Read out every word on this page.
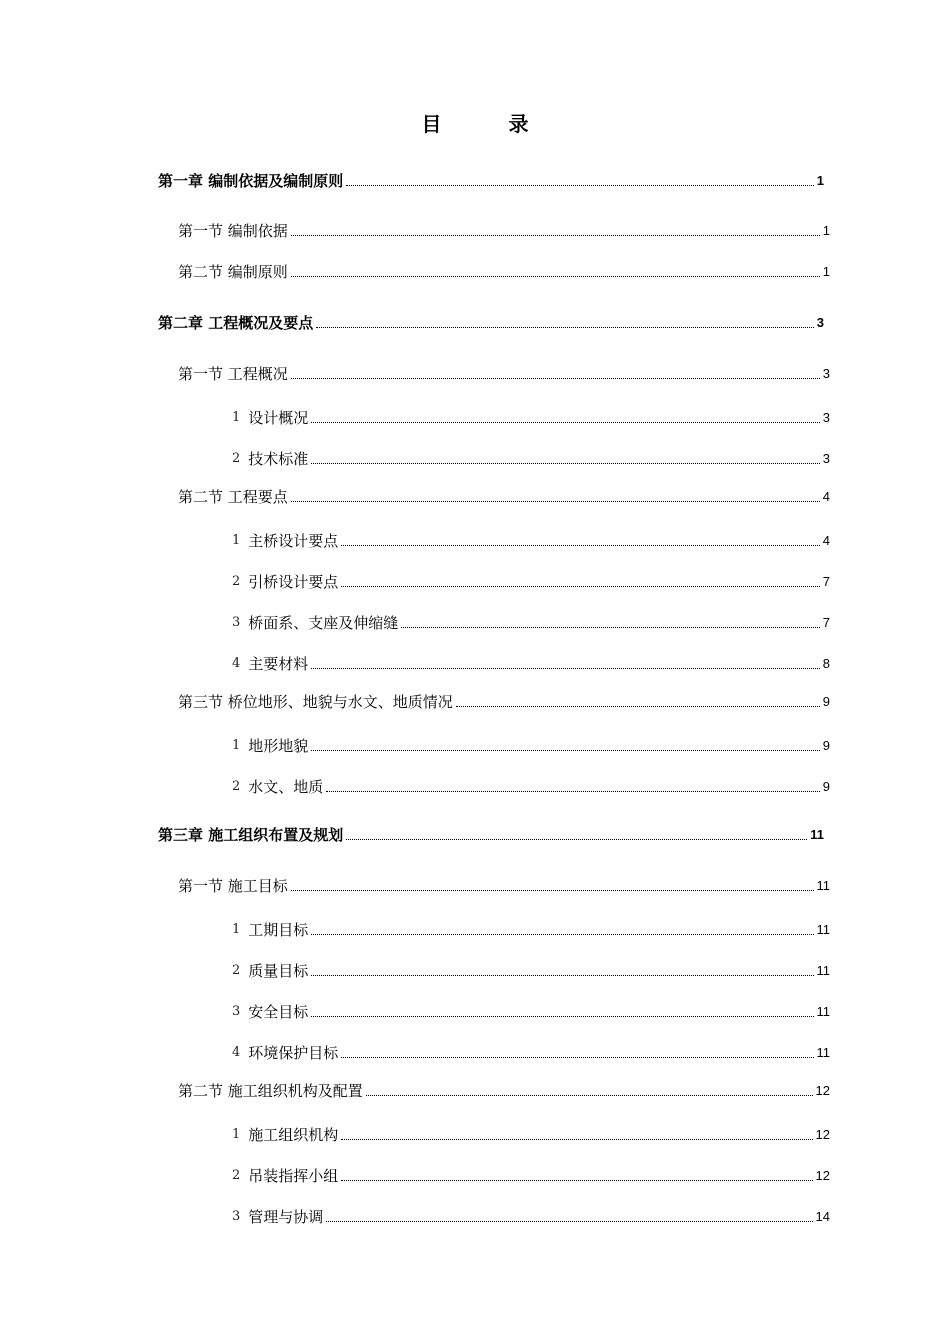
目 录
第一章 编制依据及编制原则	1
第一节 编制依据	1
第二节 编制原则	1
第二章 工程概况及要点	3
第一节 工程概况	3
1 设计概况	3
2 技术标准	3
第二节 工程要点	4
1 主桥设计要点	4
2 引桥设计要点	7
3 桥面系、支座及伸缩缝	7
4 主要材料	8
第三节 桥位地形、地貌与水文、地质情况	9
1 地形地貌	9
2 水文、地质	9
第三章 施工组织布置及规划	11
第一节 施工目标	11
1 工期目标	11
2 质量目标	11
3 安全目标	11
4 环境保护目标	11
第二节 施工组织机构及配置	12
1 施工组织机构	12
2 吊装指挥小组	12
3 管理与协调	14
